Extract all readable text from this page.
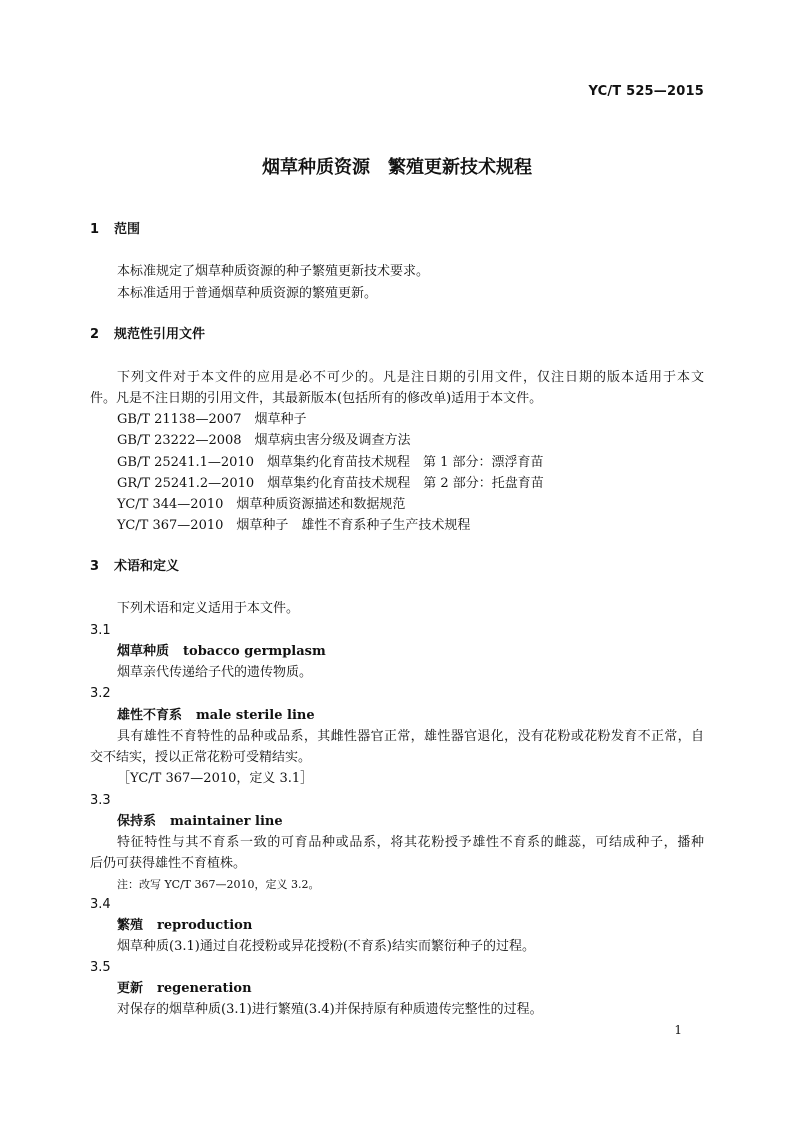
YC/T 525—2015
烟草种质资源　繁殖更新技术规程
1 范围
本标准规定了烟草种质资源的种子繁殖更新技术要求。
本标准适用于普通烟草种质资源的繁殖更新。
2 规范性引用文件
下列文件对于本文件的应用是必不可少的。凡是注日期的引用文件，仅注日期的版本适用于本文
件。凡是不注日期的引用文件，其最新版本(包括所有的修改单)适用于本文件。
GB/T 21138—2007　烟草种子
GB/T 23222—2008　烟草病虫害分级及调查方法
GB/T 25241.1—2010　烟草集约化育苗技术规程　第 1 部分：漂浮育苗
GR/T 25241.2—2010　烟草集约化育苗技术规程　第 2 部分：托盘育苗
YC/T 344—2010　烟草种质资源描述和数据规范
YC/T 367—2010　烟草种子　雄性不育系种子生产技术规程
3 术语和定义
下列术语和定义适用于本文件。
3.1
烟草种质 tobacco germplasm
烟草亲代传递给子代的遗传物质。
3.2
雄性不育系 male sterile line
具有雄性不育特性的品种或品系，其雌性器官正常，雄性器官退化，没有花粉或花粉发育不正常，自
交不结实，授以正常花粉可受精结实。
［YC/T 367—2010，定义 3.1］
3.3
保持系 maintainer line
特征特性与其不育系一致的可育品种或品系，将其花粉授予雄性不育系的雌蕊，可结成种子，播种
后仍可获得雄性不育植株。
注：改写 YC/T 367—2010，定义 3.2。
3.4
繁殖 reproduction
烟草种质(3.1)通过自花授粉或异花授粉(不育系)结实而繁衍种子的过程。
3.5
更新 regeneration
对保存的烟草种质(3.1)进行繁殖(3.4)并保持原有种质遗传完整性的过程。
1
